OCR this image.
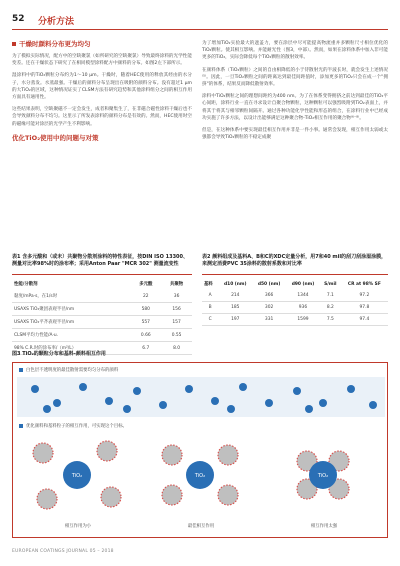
52 分析方法
干燥时颜料分布更为均匀

为了模拟实际情况，配方中的空缺聚氯（如所研究的空缺聚氯）导致最终涂料的光学性能变差。还在干燥状态下研究了在相同模型涂料配方中颜料的分布。如图2左下部所示。

湿涂料中的TiO₂颗粒分布约为1～10 μm。干燥时，随着HEC使用的释放其经由的水分子，水分蒸发。水蒸最强。干燥后的颜料分布呈现出在吸附的颜料分布。没有超过1 μm的大TiO₂的区域，这种情况证实了CLSM方法有研究趋势和其他涂料组分之间的相互作用方面具有通用性。

这些结果表明，空缺聚磁不一定会发生，成者和聚集生了，在非磁合磁性涂料干燥后也不会导致颜料分布不均匀。这里示了所发表涂料的颜料分布是有效的。然而，HEC使用时空的磁缘可能对涂层的光学产生不利影响。

优化TiO₂使用中的问题与对策

为了增加TiO₂实验最大的遮盖力，要在涂层中尽可能提高物流重并多颗粒尺寸相位优化的TiO₂颗粒。使其相互影响。并能耐光性（图3，中部）。然而，如果在涂料体系中加入非可能更多的TiO₂，实际会降低每个TiO₂颗粒的散射效率。

在颜料体系（TiO₂颗粒）之间的自由相降低的小于待散射光的半波长时，就会发生上述情况⁽⁵⁾。因此，一旦TiO₂颗粒之间的距离达到最佳间距值时，添加更多的TiO₂只会在成一个"拥挤"的体系，结果反而降低散射效率。

涂料中TiO₂颗粒之间的理想间距约为400 nm。为了在体系变得拥挤之前达到最佳的TiO₂平心间距，涂料行业一直在寻求设计自聚合物颗粒，这种颗粒可以强烈吸附到TiO₂表面上，并将其于将其与相邻颗粒间隔开。通过各种功能化学性能和形态的组合，在涂料行业中已经成功实施了许多方法，以设计出能够满足这种聚合物-TiO₂相互作用的聚合物⁽⁶⁻⁸⁾。

但是，在这种体系中要实现最佳相互作用并非是一件小事。通常会发现，相互作用太弱或太强都会导致TiO₂颗粒的不稳定成聚

表1 含多元酸和（或未）共聚物分散剂涂料的特性表征，按DIN ISO 13300、测量对比率98%时的涂布率；采用Anton Paar "MCR 302" 测量流变性
性能/分散剂	多元酸	共聚物
黏度/mPa·s，在1/s时	22	36
USAXS TiO₂聚团表观半径/nm	580	156
USAXS TiO₂平齐表观半径/nm	557	157
CLSM平均力性能/A·u.	0.66	0.55
98% C.R.时的涂布率/（m²/L）	6.7	8.0
表2 颜料组成及基料A、B和C的XDC定量分析，用7和40 mil的刮刀刮涂湿涂膜，来测定消费PVC 35涂料的散射系数和对比率
基料	d10 (nm)	d50 (nm)	d90 (nm)	S/mil	CR at 98% SF
A	214	366	1344	7.1	97.2
B	185	302	936	8.2	97.8
C	197	331	1599	7.5	97.4
图3 TiO₂的颗粒分布和基料-颜料相互作用
白色层不透明度的最佳散射需要均匀分布的颜料
优化颜料和基料粒子的相互作用，可实现这个目标。
TiO₂	TiO₂	TiO₂
相互作用为小	最佳相互作用	相互作用太强
EUROPEAN COATINGS JOURNAL 05 – 2018
